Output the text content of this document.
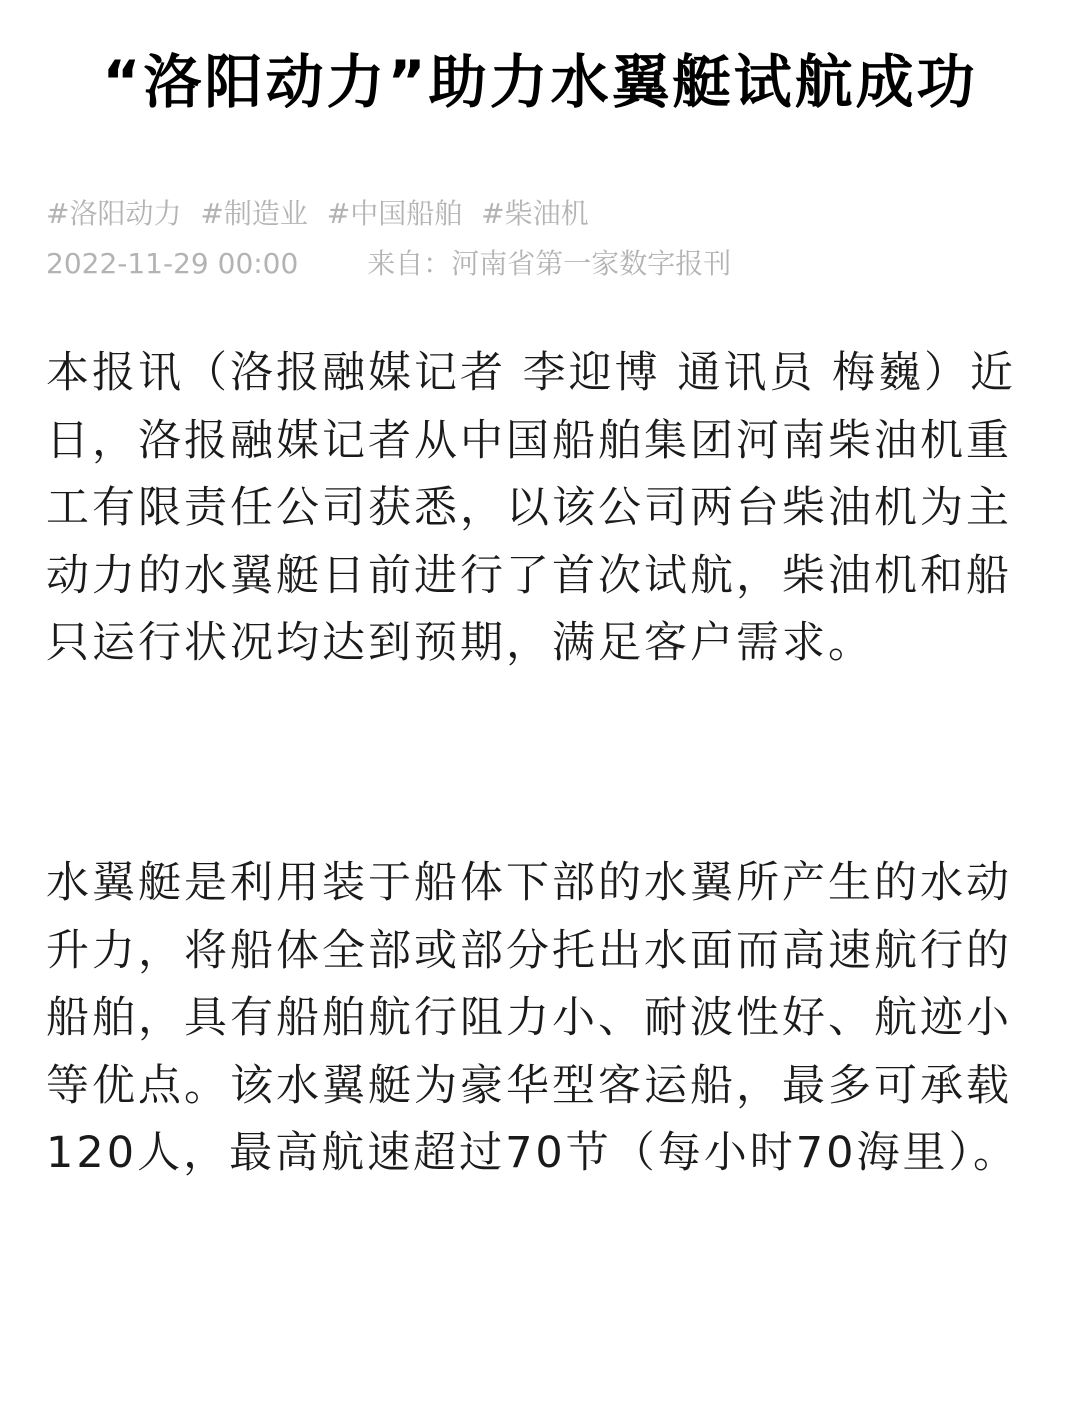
“洛阳动力”助力水翼艇试航成功
#洛阳动力 #制造业 #中国船舶 #柴油机
2022-11-29 00:00 来自：河南省第一家数字报刊

本报讯（洛报融媒记者 李迎博 通讯员 梅巍）近日，洛报融媒记者从中国船舶集团河南柴油机重工有限责任公司获悉，以该公司两台柴油机为主动力的水翼艇日前进行了首次试航，柴油机和船只运行状况均达到预期，满足客户需求。

水翼艇是利用装于船体下部的水翼所产生的水动升力，将船体全部或部分托出水面而高速航行的船舶，具有船舶航行阻力小、耐波性好、航迹小等优点。该水翼艇为豪华型客运船，最多可承载120人，最高航速超过70节（每小时70海里）。
